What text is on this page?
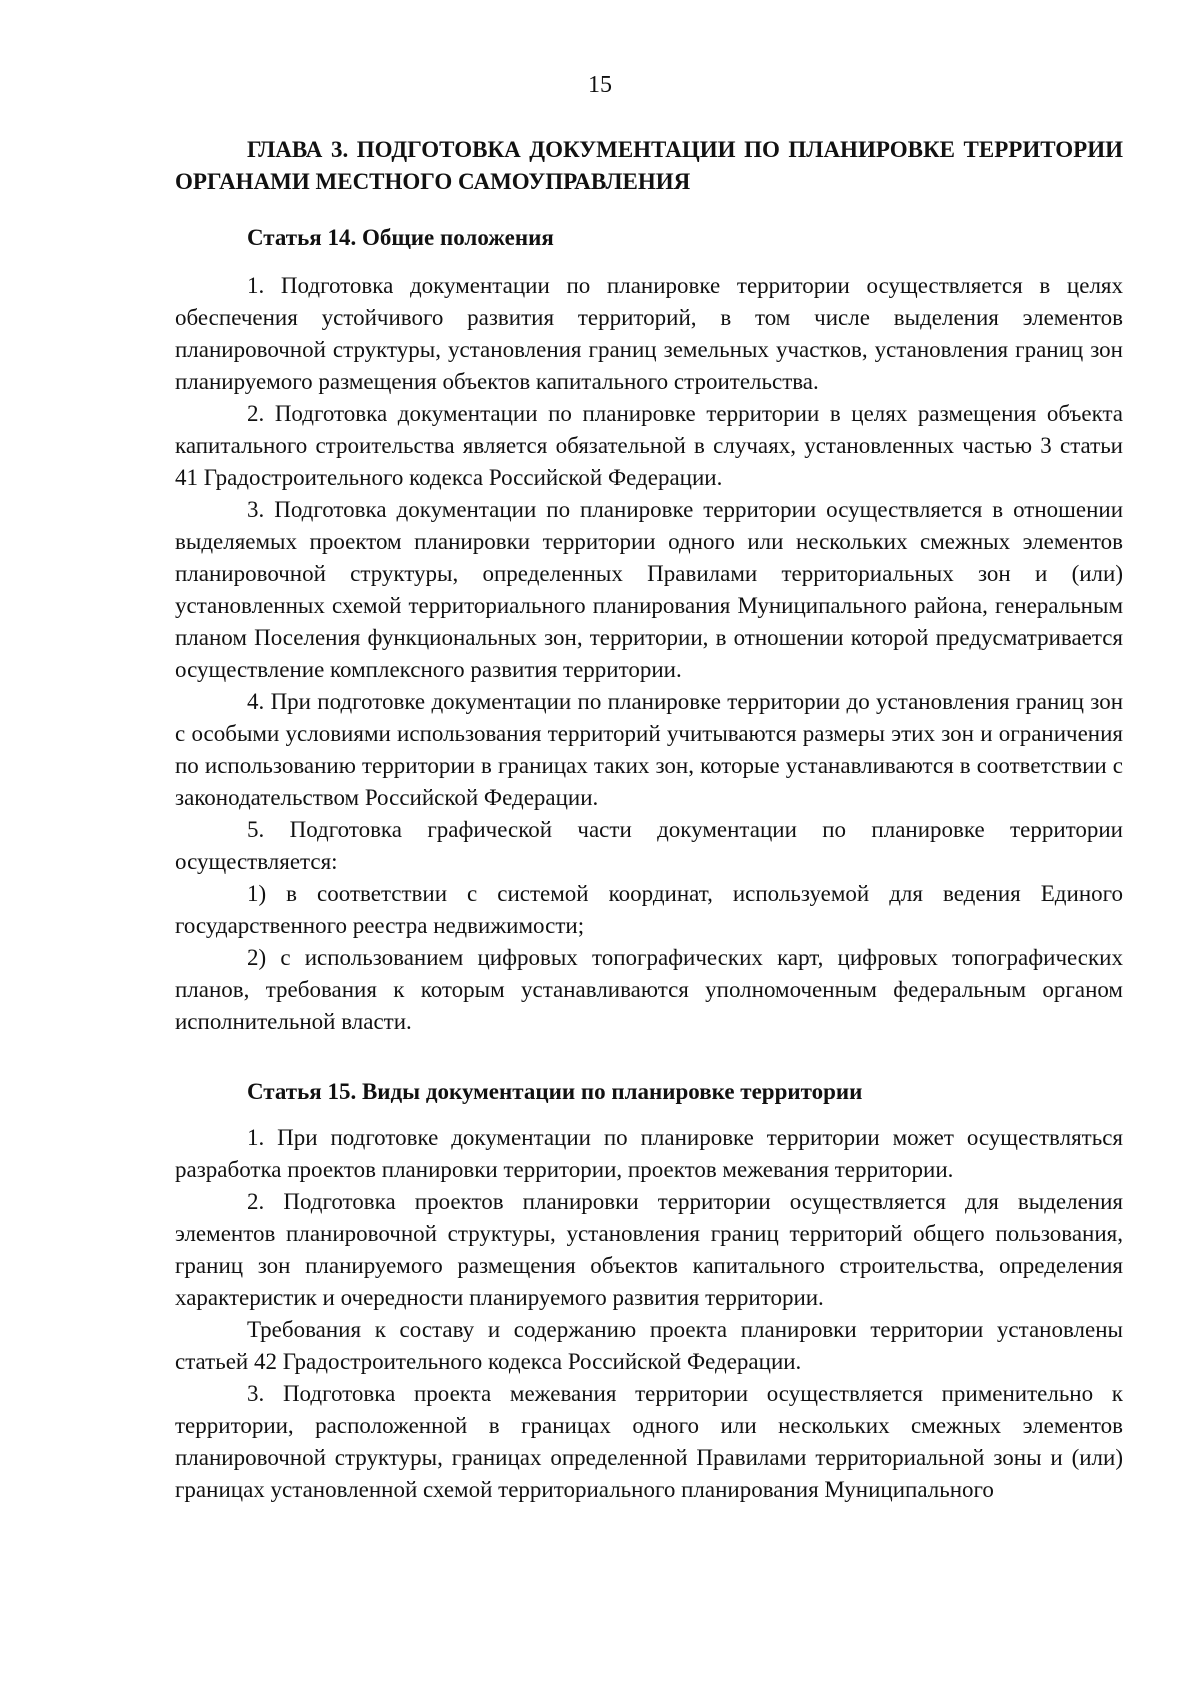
15

ГЛАВА 3. ПОДГОТОВКА ДОКУМЕНТАЦИИ ПО ПЛАНИРОВКЕ ТЕРРИТОРИИ ОРГАНАМИ МЕСТНОГО САМОУПРАВЛЕНИЯ

Статья 14. Общие положения

1. Подготовка документации по планировке территории осуществляется в целях обеспечения устойчивого развития территорий, в том числе выделения элементов планировочной структуры, установления границ земельных участков, установления границ зон планируемого размещения объектов капитального строительства.

2. Подготовка документации по планировке территории в целях размещения объекта капитального строительства является обязательной в случаях, установленных частью 3 статьи 41 Градостроительного кодекса Российской Федерации.

3. Подготовка документации по планировке территории осуществляется в отношении выделяемых проектом планировки территории одного или нескольких смежных элементов планировочной структуры, определенных Правилами территориальных зон и (или) установленных схемой территориального планирования Муниципального района, генеральным планом Поселения функциональных зон, территории, в отношении которой предусматривается осуществление комплексного развития территории.

4. При подготовке документации по планировке территории до установления границ зон с особыми условиями использования территорий учитываются размеры этих зон и ограничения по использованию территории в границах таких зон, которые устанавливаются в соответствии с законодательством Российской Федерации.

5. Подготовка графической части документации по планировке территории осуществляется:

1) в соответствии с системой координат, используемой для ведения Единого государственного реестра недвижимости;

2) с использованием цифровых топографических карт, цифровых топографических планов, требования к которым устанавливаются уполномоченным федеральным органом исполнительной власти.

Статья 15. Виды документации по планировке территории

1. При подготовке документации по планировке территории может осуществляться разработка проектов планировки территории, проектов межевания территории.

2. Подготовка проектов планировки территории осуществляется для выделения элементов планировочной структуры, установления границ территорий общего пользования, границ зон планируемого размещения объектов капитального строительства, определения характеристик и очередности планируемого развития территории.

Требования к составу и содержанию проекта планировки территории установлены статьей 42 Градостроительного кодекса Российской Федерации.

3. Подготовка проекта межевания территории осуществляется применительно к территории, расположенной в границах одного или нескольких смежных элементов планировочной структуры, границах определенной Правилами территориальной зоны и (или) границах установленной схемой территориального планирования Муниципального
